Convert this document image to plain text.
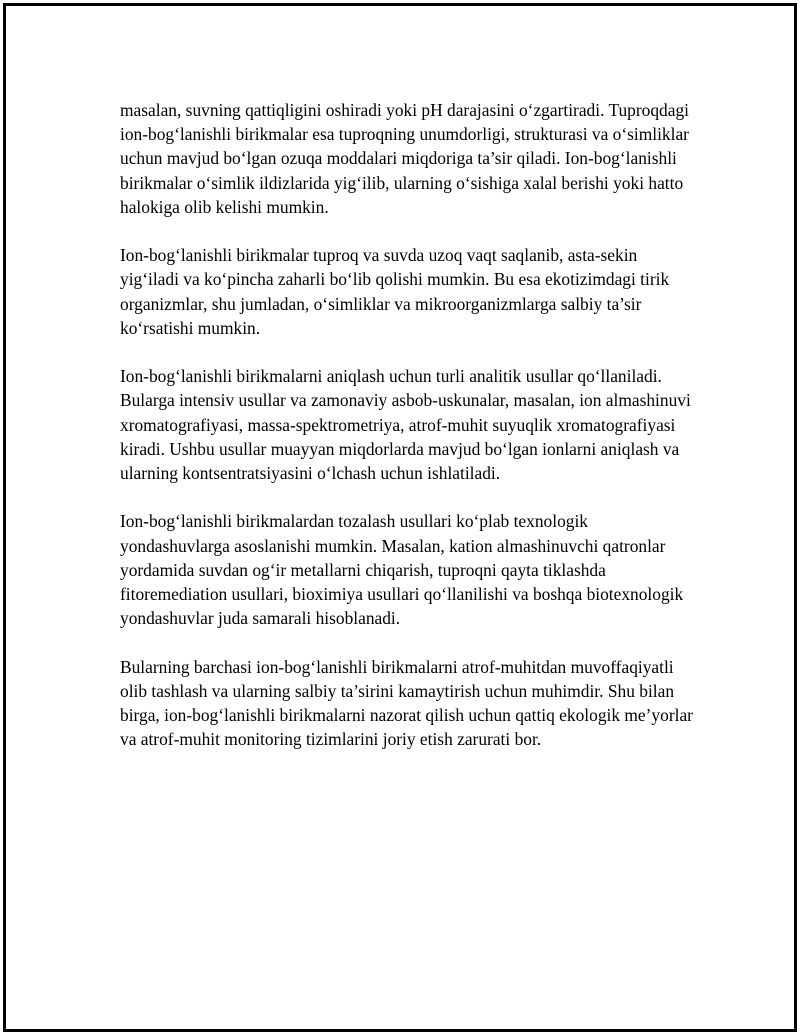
masalan, suvning qattiqligini oshiradi yoki pH darajasini o‘zgartiradi. Tuproqdagi ion-bog‘lanishli birikmalar esa tuproqning unumdorligi, strukturasi va o‘simliklar uchun mavjud bo‘lgan ozuqa moddalari miqdoriga ta’sir qiladi. Ion-bog‘lanishli birikmalar o‘simlik ildizlarida yig‘ilib, ularning o‘sishiga xalal berishi yoki hatto halokiga olib kelishi mumkin.

Ion-bog‘lanishli birikmalar tuproq va suvda uzoq vaqt saqlanib, asta-sekin yig‘iladi va ko‘pincha zaharli bo‘lib qolishi mumkin. Bu esa ekotizimdagi tirik organizmlar, shu jumladan, o‘simliklar va mikroorganizmlarga salbiy ta’sir ko‘rsatishi mumkin.

Ion-bog‘lanishli birikmalarni aniqlash uchun turli analitik usullar qo‘llaniladi. Bularga intensiv usullar va zamonaviy asbob-uskunalar, masalan, ion almashinuvi xromatografiyasi, massa-spektrometriya, atrof-muhit suyuqlik xromatografiyasi kiradi. Ushbu usullar muayyan miqdorlarda mavjud bo‘lgan ionlarni aniqlash va ularning kontsentratsiyasini o‘lchash uchun ishlatiladi.

Ion-bog‘lanishli birikmalardan tozalash usullari ko‘plab texnologik yondashuvlarga asoslanishi mumkin. Masalan, kation almashinuvchi qatronlar yordamida suvdan og‘ir metallarni chiqarish, tuproqni qayta tiklashda fitoremediation usullari, bioximiya usullari qo‘llanilishi va boshqa biotexnologik yondashuvlar juda samarali hisoblanadi.

Bularning barchasi ion-bog‘lanishli birikmalarni atrof-muhitdan muvoffaqiyatli olib tashlash va ularning salbiy ta’sirini kamaytirish uchun muhimdir. Shu bilan birga, ion-bog‘lanishli birikmalarni nazorat qilish uchun qattiq ekologik me’yorlar va atrof-muhit monitoring tizimlarini joriy etish zarurati bor.
